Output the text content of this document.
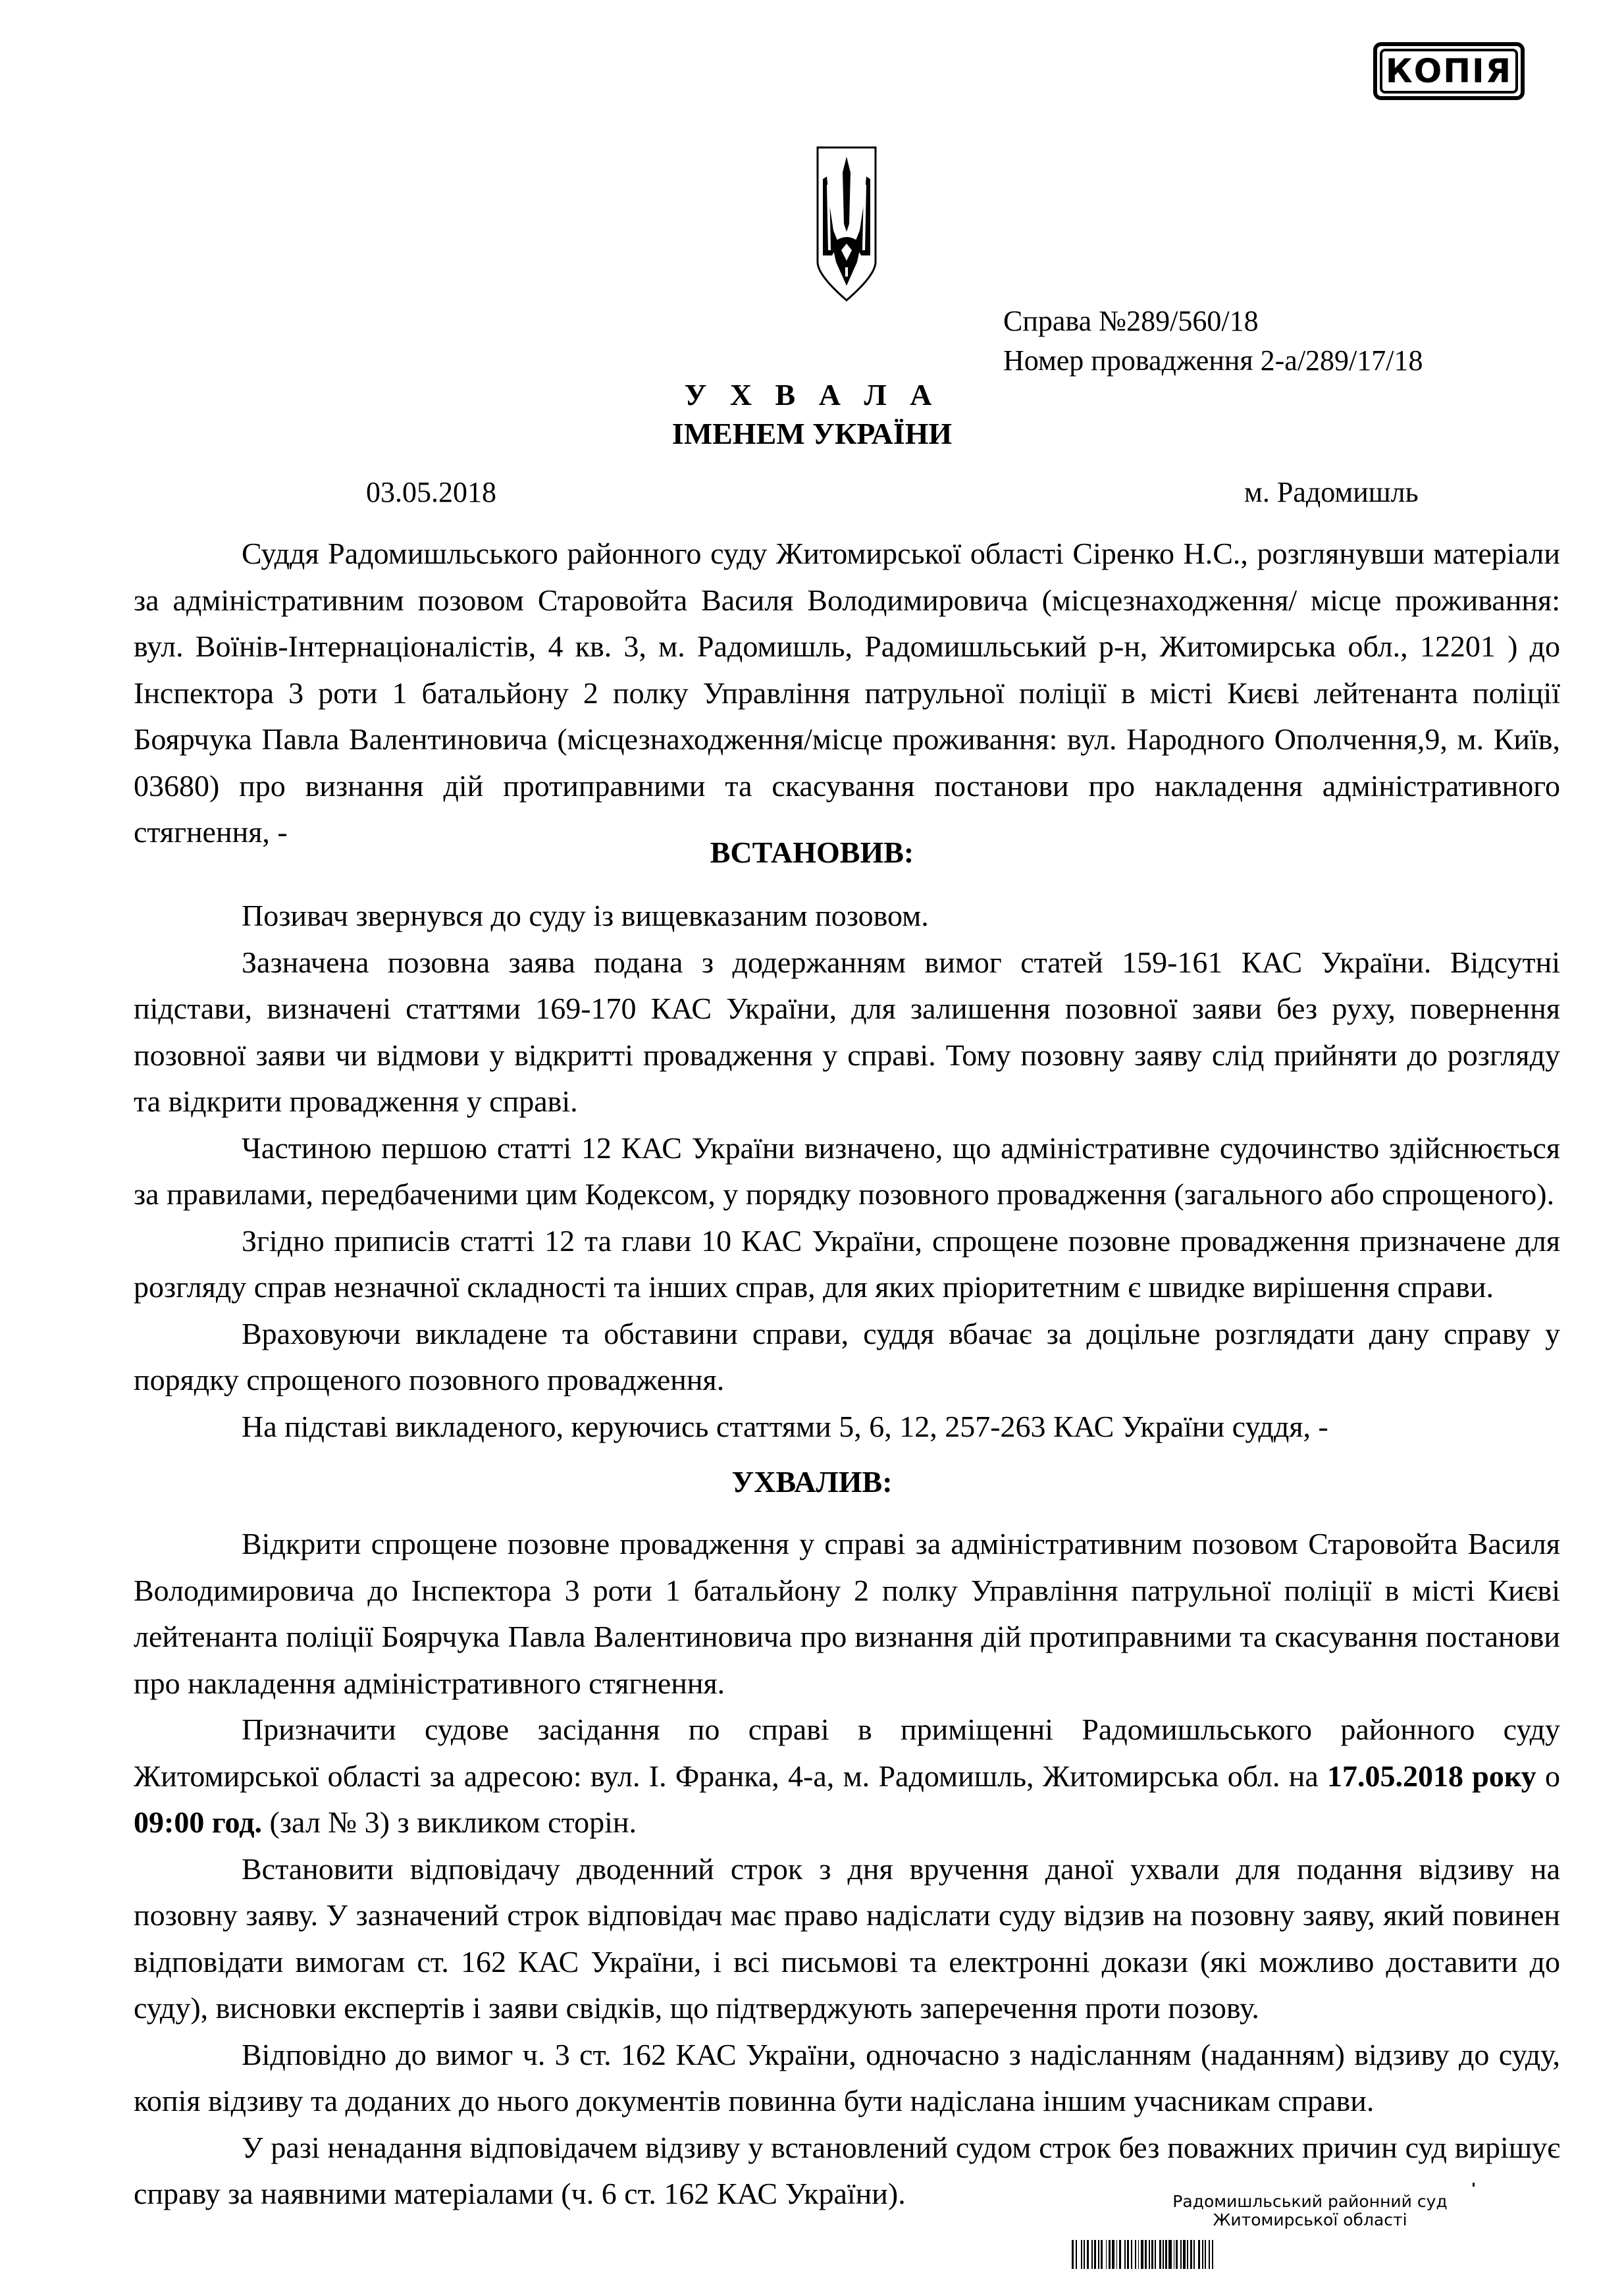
КОПІЯ
Справа №289/560/18
Номер провадження 2-а/289/17/18
У Х В А Л А
ІМЕНЕМ УКРАЇНИ
03.05.2018	м. Радомишль

Суддя Радомишльського районного суду Житомирської області Сіренко Н.С., розглянувши матеріали за адміністративним позовом Старовойта Василя Володимировича (місцезнаходження/ місце проживання: вул. Воїнів-Інтернаціоналістів, 4 кв. 3, м. Радомишль, Радомишльський р-н, Житомирська обл., 12201 ) до Інспектора 3 роти 1 батальйону 2 полку Управління патрульної поліції в місті Києві лейтенанта поліції Боярчука Павла Валентиновича (місцезнаходження/місце проживання: вул. Народного Ополчення,9, м. Київ, 03680) про визнання дій протиправними та скасування постанови про накладення адміністративного стягнення, -

ВСТАНОВИВ:

Позивач звернувся до суду із вищевказаним позовом.

Зазначена позовна заява подана з додержанням вимог статей 159-161 КАС України. Відсутні підстави, визначені статтями 169-170 КАС України, для залишення позовної заяви без руху, повернення позовної заяви чи відмови у відкритті провадження у справі. Тому позовну заяву слід прийняти до розгляду та відкрити провадження у справі.

Частиною першою статті 12 КАС України визначено, що адміністративне судочинство здійснюється за правилами, передбаченими цим Кодексом, у порядку позовного провадження (загального або спрощеного).

Згідно приписів статті 12 та глави 10 КАС України, спрощене позовне провадження призначене для розгляду справ незначної складності та інших справ, для яких пріоритетним є швидке вирішення справи.

Враховуючи викладене та обставини справи, суддя вбачає за доцільне розглядати дану справу у порядку спрощеного позовного провадження.

На підставі викладеного, керуючись статтями 5, 6, 12, 257-263 КАС України суддя, -

УХВАЛИВ:

Відкрити спрощене позовне провадження у справі за адміністративним позовом Старовойта Василя Володимировича до Інспектора 3 роти 1 батальйону 2 полку Управління патрульної поліції в місті Києві лейтенанта поліції Боярчука Павла Валентиновича про визнання дій протиправними та скасування постанови про накладення адміністративного стягнення.

Призначити судове засідання по справі в приміщенні Радомишльського районного суду Житомирської області за адресою: вул. І. Франка, 4-а, м. Радомишль, Житомирська обл. на 17.05.2018 року о 09:00 год. (зал № 3) з викликом сторін.

Встановити відповідачу дводенний строк з дня вручення даної ухвали для подання відзиву на позовну заяву. У зазначений строк відповідач має право надіслати суду відзив на позовну заяву, який повинен відповідати вимогам ст. 162 КАС України, і всі письмові та електронні докази (які можливо доставити до суду), висновки експертів і заяви свідків, що підтверджують заперечення проти позову.

Відповідно до вимог ч. 3 ст. 162 КАС України, одночасно з надісланням (наданням) відзиву до суду, копія відзиву та доданих до нього документів повинна бути надіслана іншим учасникам справи.

У разі ненадання відповідачем відзиву у встановлений судом строк без поважних причин суд вирішує справу за наявними матеріалами (ч. 6 ст. 162 КАС України).	Радомишльський районний суд
Житомирської області
